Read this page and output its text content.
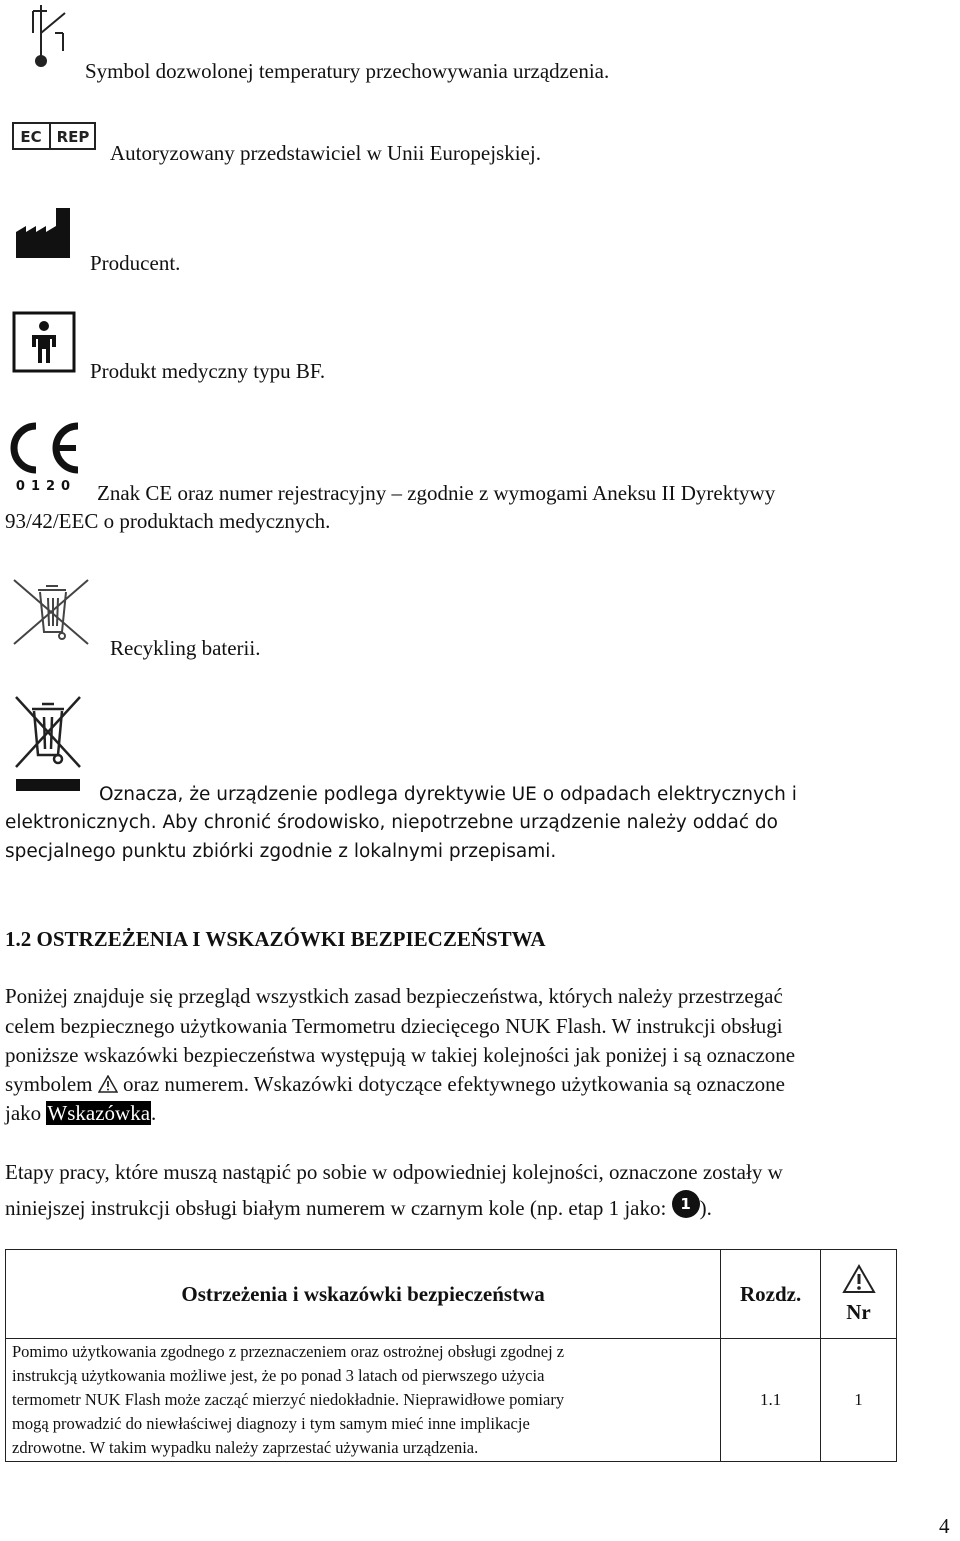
Symbol dozwolonej temperatury przechowywania urządzenia.
EC REP
Autoryzowany przedstawiciel w Unii Europejskiej.
Producent.
Produkt medyczny typu BF.
0120 Znak CE oraz numer rejestracyjny – zgodnie z wymogami Aneksu II Dyrektywy
93/42/EEC o produktach medycznych.
Recykling baterii.
Oznacza, że urządzenie podlega dyrektywie UE o odpadach elektrycznych i
elektronicznych. Aby chronić środowisko, niepotrzebne urządzenie należy oddać do
specjalnego punktu zbiórki zgodnie z lokalnymi przepisami.
1.2 OSTRZEŻENIA I WSKAZÓWKI BEZPIECZEŃSTWA
Poniżej znajduje się przegląd wszystkich zasad bezpieczeństwa, których należy przestrzegać
celem bezpiecznego użytkowania Termometru dziecięcego NUK Flash. W instrukcji obsługi
poniższe wskazówki bezpieczeństwa występują w takiej kolejności jak poniżej i są oznaczone
symbolem oraz numerem. Wskazówki dotyczące efektywnego użytkowania są oznaczone
jako Wskazówka.
Etapy pracy, które muszą nastąpić po sobie w odpowiedniej kolejności, oznaczone zostały w
niniejszej instrukcji obsługi białym numerem w czarnym kole (np. etap 1 jako: 1 ).
Ostrzeżenia i wskazówki bezpieczeństwa	Rozdz.	Nr

Pomimo użytkowania zgodnego z przeznaczeniem oraz ostrożnej obsługi zgodnej z
instrukcją użytkowania możliwe jest, że po ponad 3 latach od pierwszego użycia
termometr NUK Flash może zacząć mierzyć niedokładnie. Nieprawidłowe pomiary
mogą prowadzić do niewłaściwej diagnozy i tym samym mieć inne implikacje
zdrowotne. W takim wypadku należy zaprzestać używania urządzenia.	1.1	1
4
